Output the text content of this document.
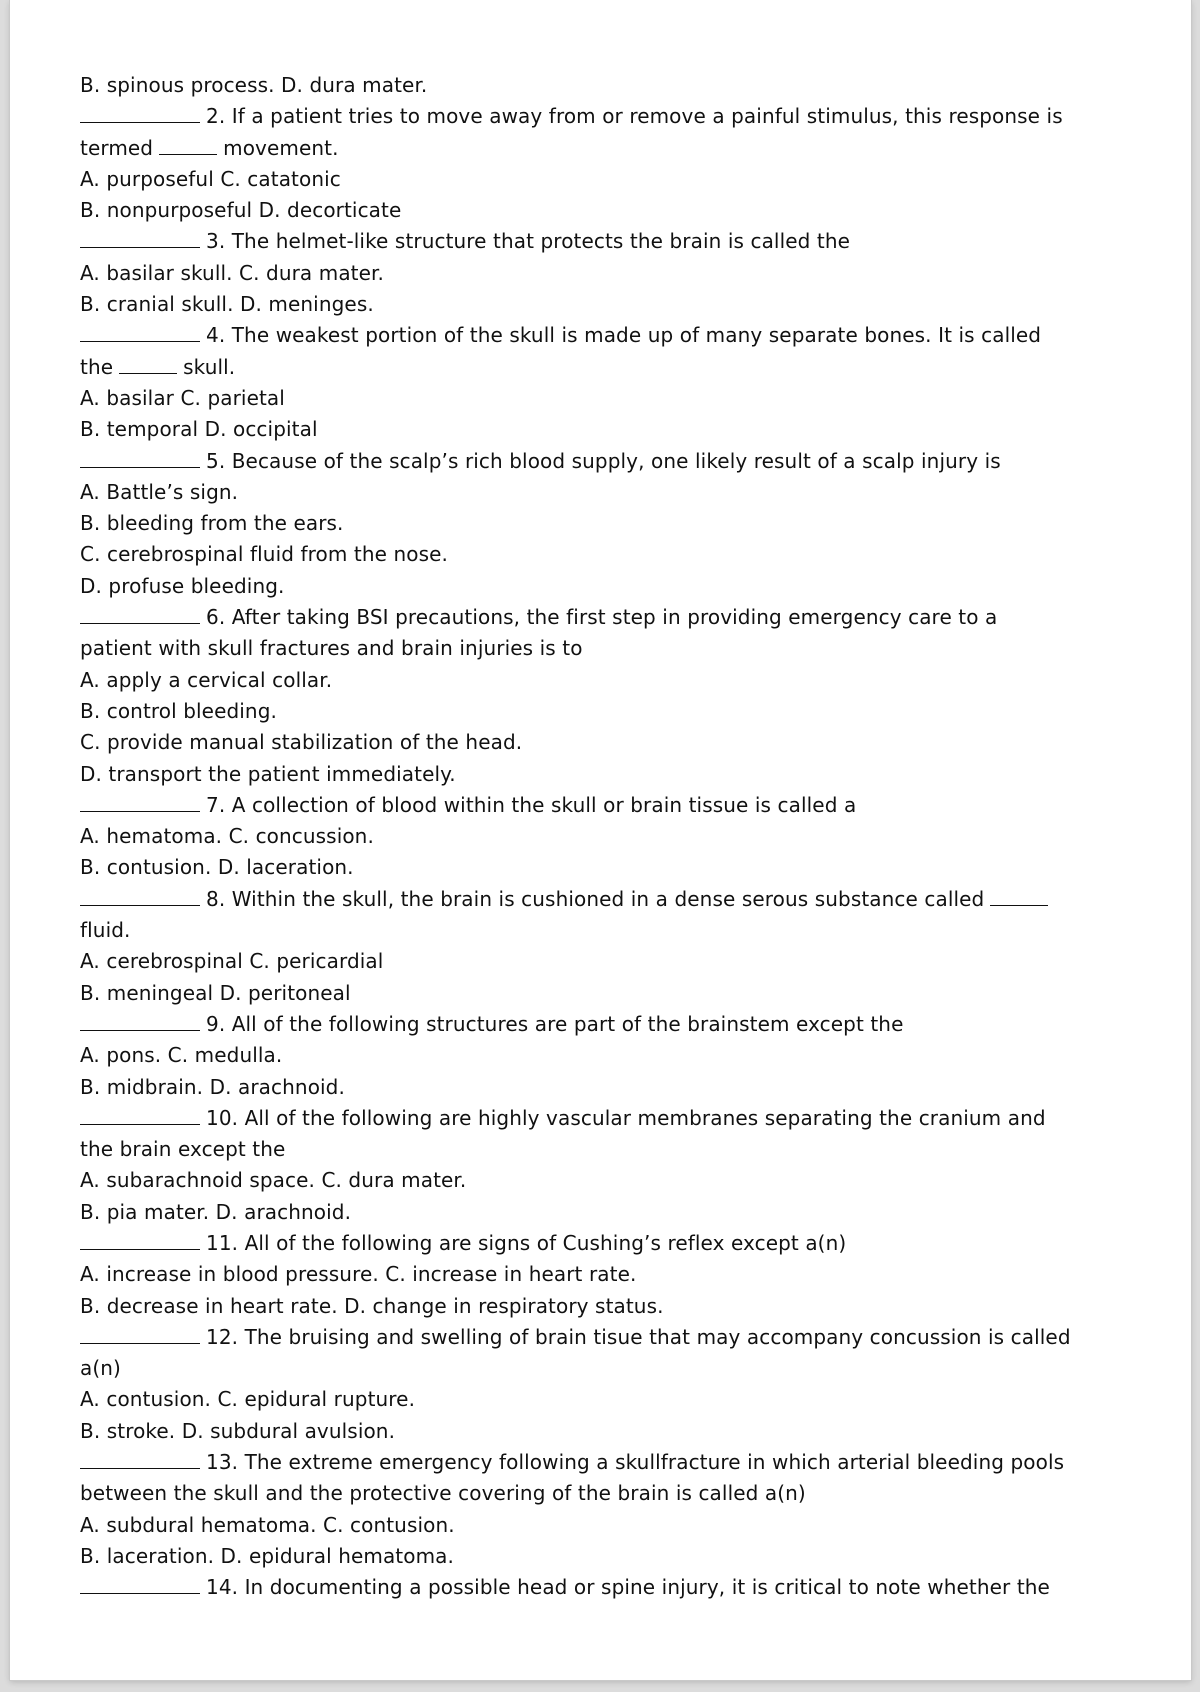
B. spinous process. D. dura mater.
2. If a patient tries to move away from or remove a painful stimulus, this response is
termed	movement.
A. purposeful C. catatonic
B. nonpurposeful D. decorticate
3. The helmet-like structure that protects the brain is called the
A. basilar skull. C. dura mater.
B. cranial skull. D. meninges.
4. The weakest portion of the skull is made up of many separate bones. It is called
the	skull.
A. basilar C. parietal
B. temporal D. occipital
5. Because of the scalp’s rich blood supply, one likely result of a scalp injury is
A. Battle’s sign.
B. bleeding from the ears.
C. cerebrospinal fluid from the nose.
D. profuse bleeding.
6. After taking BSI precautions, the first step in providing emergency care to a
patient with skull fractures and brain injuries is to
A. apply a cervical collar.
B. control bleeding.
C. provide manual stabilization of the head.
D. transport the patient immediately.
7. A collection of blood within the skull or brain tissue is called a
A. hematoma. C. concussion.
B. contusion. D. laceration.
8. Within the skull, the brain is cushioned in a dense serous substance called
fluid.
A. cerebrospinal C. pericardial
B. meningeal D. peritoneal
9. All of the following structures are part of the brainstem except the
A. pons. C. medulla.
B. midbrain. D. arachnoid.
10. All of the following are highly vascular membranes separating the cranium and
the brain except the
A. subarachnoid space. C. dura mater.
B. pia mater. D. arachnoid.
11. All of the following are signs of Cushing’s reflex except a(n)
A. increase in blood pressure. C. increase in heart rate.
B. decrease in heart rate. D. change in respiratory status.
12. The bruising and swelling of brain tisue that may accompany concussion is called
a(n)
A. contusion. C. epidural rupture.
B. stroke. D. subdural avulsion.
13. The extreme emergency following a skullfracture in which arterial bleeding pools
between the skull and the protective covering of the brain is called a(n)
A. subdural hematoma. C. contusion.
B. laceration. D. epidural hematoma.
14. In documenting a possible head or spine injury, it is critical to note whether the
